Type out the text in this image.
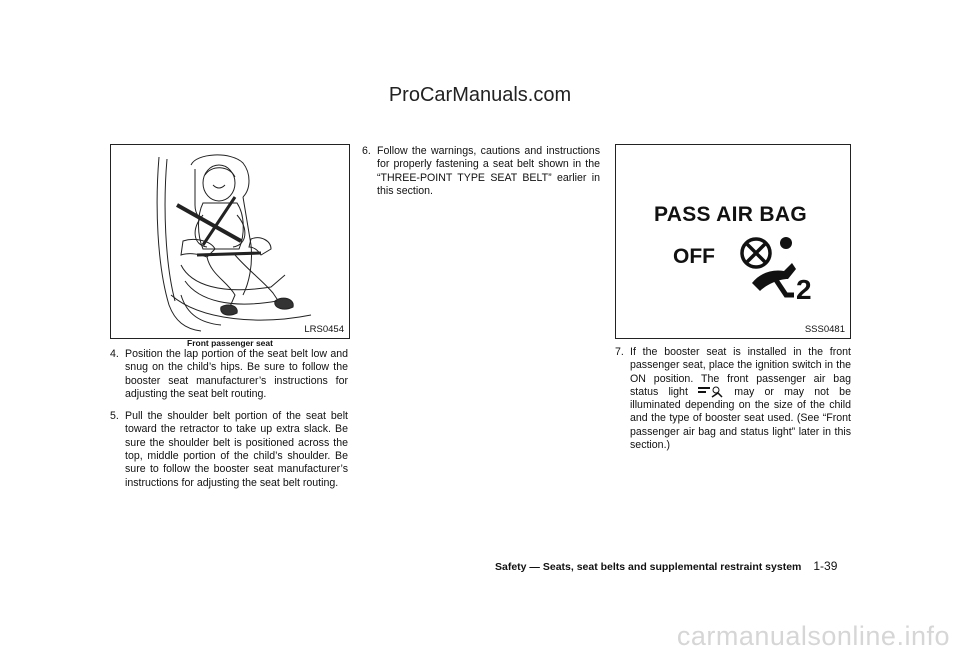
ProCarManuals.com
LRS0454
Front passenger seat
4. Position the lap portion of the seat belt low and snug on the child’s hips. Be sure to follow the booster seat manufacturer’s instructions for adjusting the seat belt routing.
5. Pull the shoulder belt portion of the seat belt toward the retractor to take up extra slack. Be sure the shoulder belt is positioned across the top, middle portion of the child’s shoulder. Be sure to follow the booster seat manufacturer’s instructions for adjusting the seat belt routing.
6. Follow the warnings, cautions and instructions for properly fastening a seat belt shown in the “THREE-POINT TYPE SEAT BELT” earlier in this section.
PASS AIR BAG
OFF
2
SSS0481
7. If the booster seat is installed in the front passenger seat, place the ignition switch in the ON position. The front passenger air bag status light	may or may not be illuminated depending on the size of the child and the type of booster seat used. (See “Front passenger air bag and status light” later in this section.)
Safety — Seats, seat belts and supplemental restraint system 1-39
carmanualsonline.info
